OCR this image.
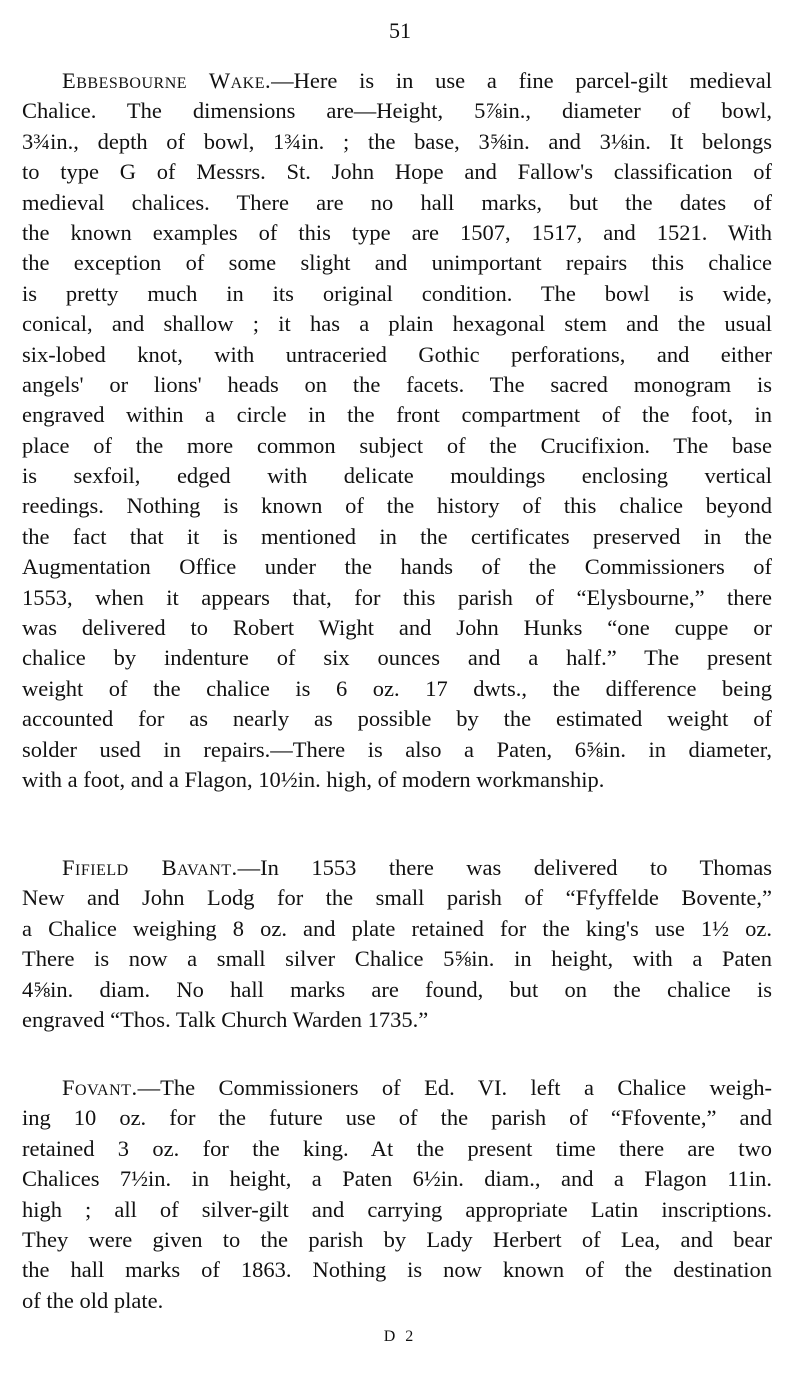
51
Ebbesbourne Wake.—Here is in use a fine parcel-gilt medieval
Chalice. The dimensions are—Height, 5⅞in., diameter of bowl,
3¾in., depth of bowl, 1¾in. ; the base, 3⅝in. and 3⅛in. It belongs
to type G of Messrs. St. John Hope and Fallow's classification of
medieval chalices. There are no hall marks, but the dates of
the known examples of this type are 1507, 1517, and 1521. With
the exception of some slight and unimportant repairs this chalice
is pretty much in its original condition. The bowl is wide,
conical, and shallow ; it has a plain hexagonal stem and the usual
six-lobed knot, with untraceried Gothic perforations, and either
angels' or lions' heads on the facets. The sacred monogram is
engraved within a circle in the front compartment of the foot, in
place of the more common subject of the Crucifixion. The base
is sexfoil, edged with delicate mouldings enclosing vertical
reedings. Nothing is known of the history of this chalice beyond
the fact that it is mentioned in the certificates preserved in the
Augmentation Office under the hands of the Commissioners of
1553, when it appears that, for this parish of “Elysbourne,” there
was delivered to Robert Wight and John Hunks “one cuppe or
chalice by indenture of six ounces and a half.” The present
weight of the chalice is 6 oz. 17 dwts., the difference being
accounted for as nearly as possible by the estimated weight of
solder used in repairs.—There is also a Paten, 6⅝in. in diameter,
with a foot, and a Flagon, 10½in. high, of modern workmanship.
Fifield Bavant.—In 1553 there was delivered to Thomas
New and John Lodg for the small parish of “Ffyffelde Bovente,”
a Chalice weighing 8 oz. and plate retained for the king's use 1½ oz.
There is now a small silver Chalice 5⅝in. in height, with a Paten
4⅝in. diam. No hall marks are found, but on the chalice is
engraved “Thos. Talk Church Warden 1735.”
Fovant.—The Commissioners of Ed. VI. left a Chalice weigh-
ing 10 oz. for the future use of the parish of “Ffovente,” and
retained 3 oz. for the king. At the present time there are two
Chalices 7½in. in height, a Paten 6½in. diam., and a Flagon 11in.
high ; all of silver-gilt and carrying appropriate Latin inscriptions.
They were given to the parish by Lady Herbert of Lea, and bear
the hall marks of 1863. Nothing is now known of the destination
of the old plate.
D 2
